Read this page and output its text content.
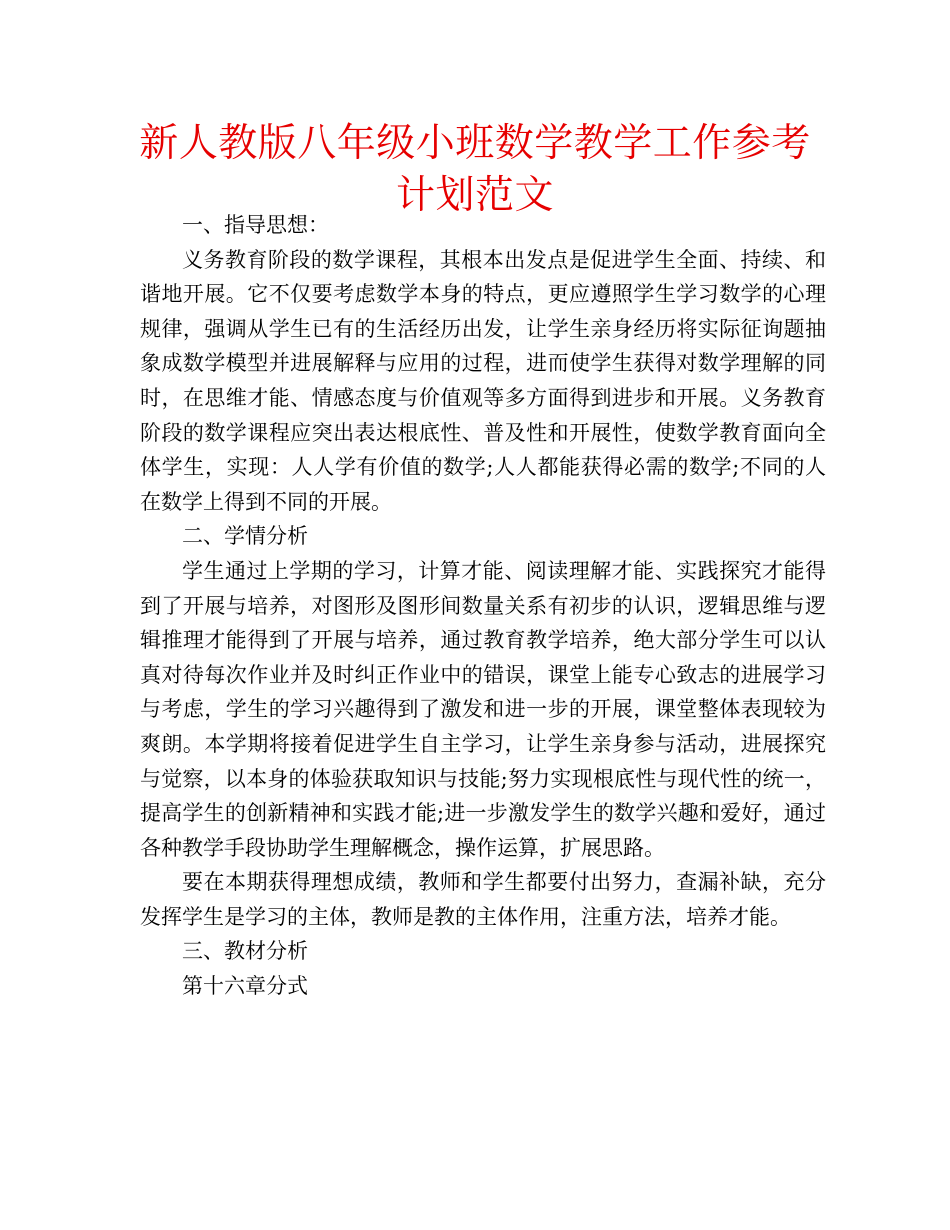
新人教版八年级小班数学教学工作参考计划范文

一、指导思想：

义务教育阶段的数学课程，其根本出发点是促进学生全面、持续、和谐地开展。它不仅要考虑数学本身的特点，更应遵照学生学习数学的心理规律，强调从学生已有的生活经历出发，让学生亲身经历将实际征询题抽象成数学模型并进展解释与应用的过程，进而使学生获得对数学理解的同时，在思维才能、情感态度与价值观等多方面得到进步和开展。义务教育阶段的数学课程应突出表达根底性、普及性和开展性，使数学教育面向全体学生，实现：人人学有价值的数学;人人都能获得必需的数学;不同的人在数学上得到不同的开展。

二、学情分析

学生通过上学期的学习，计算才能、阅读理解才能、实践探究才能得到了开展与培养，对图形及图形间数量关系有初步的认识，逻辑思维与逻辑推理才能得到了开展与培养，通过教育教学培养，绝大部分学生可以认真对待每次作业并及时纠正作业中的错误，课堂上能专心致志的进展学习与考虑，学生的学习兴趣得到了激发和进一步的开展，课堂整体表现较为爽朗。本学期将接着促进学生自主学习，让学生亲身参与活动，进展探究与觉察，以本身的体验获取知识与技能;努力实现根底性与现代性的统一，提高学生的创新精神和实践才能;进一步激发学生的数学兴趣和爱好，通过各种教学手段协助学生理解概念，操作运算，扩展思路。

要在本期获得理想成绩，教师和学生都要付出努力，查漏补缺，充分发挥学生是学习的主体，教师是教的主体作用，注重方法，培养才能。

三、教材分析

第十六章分式
